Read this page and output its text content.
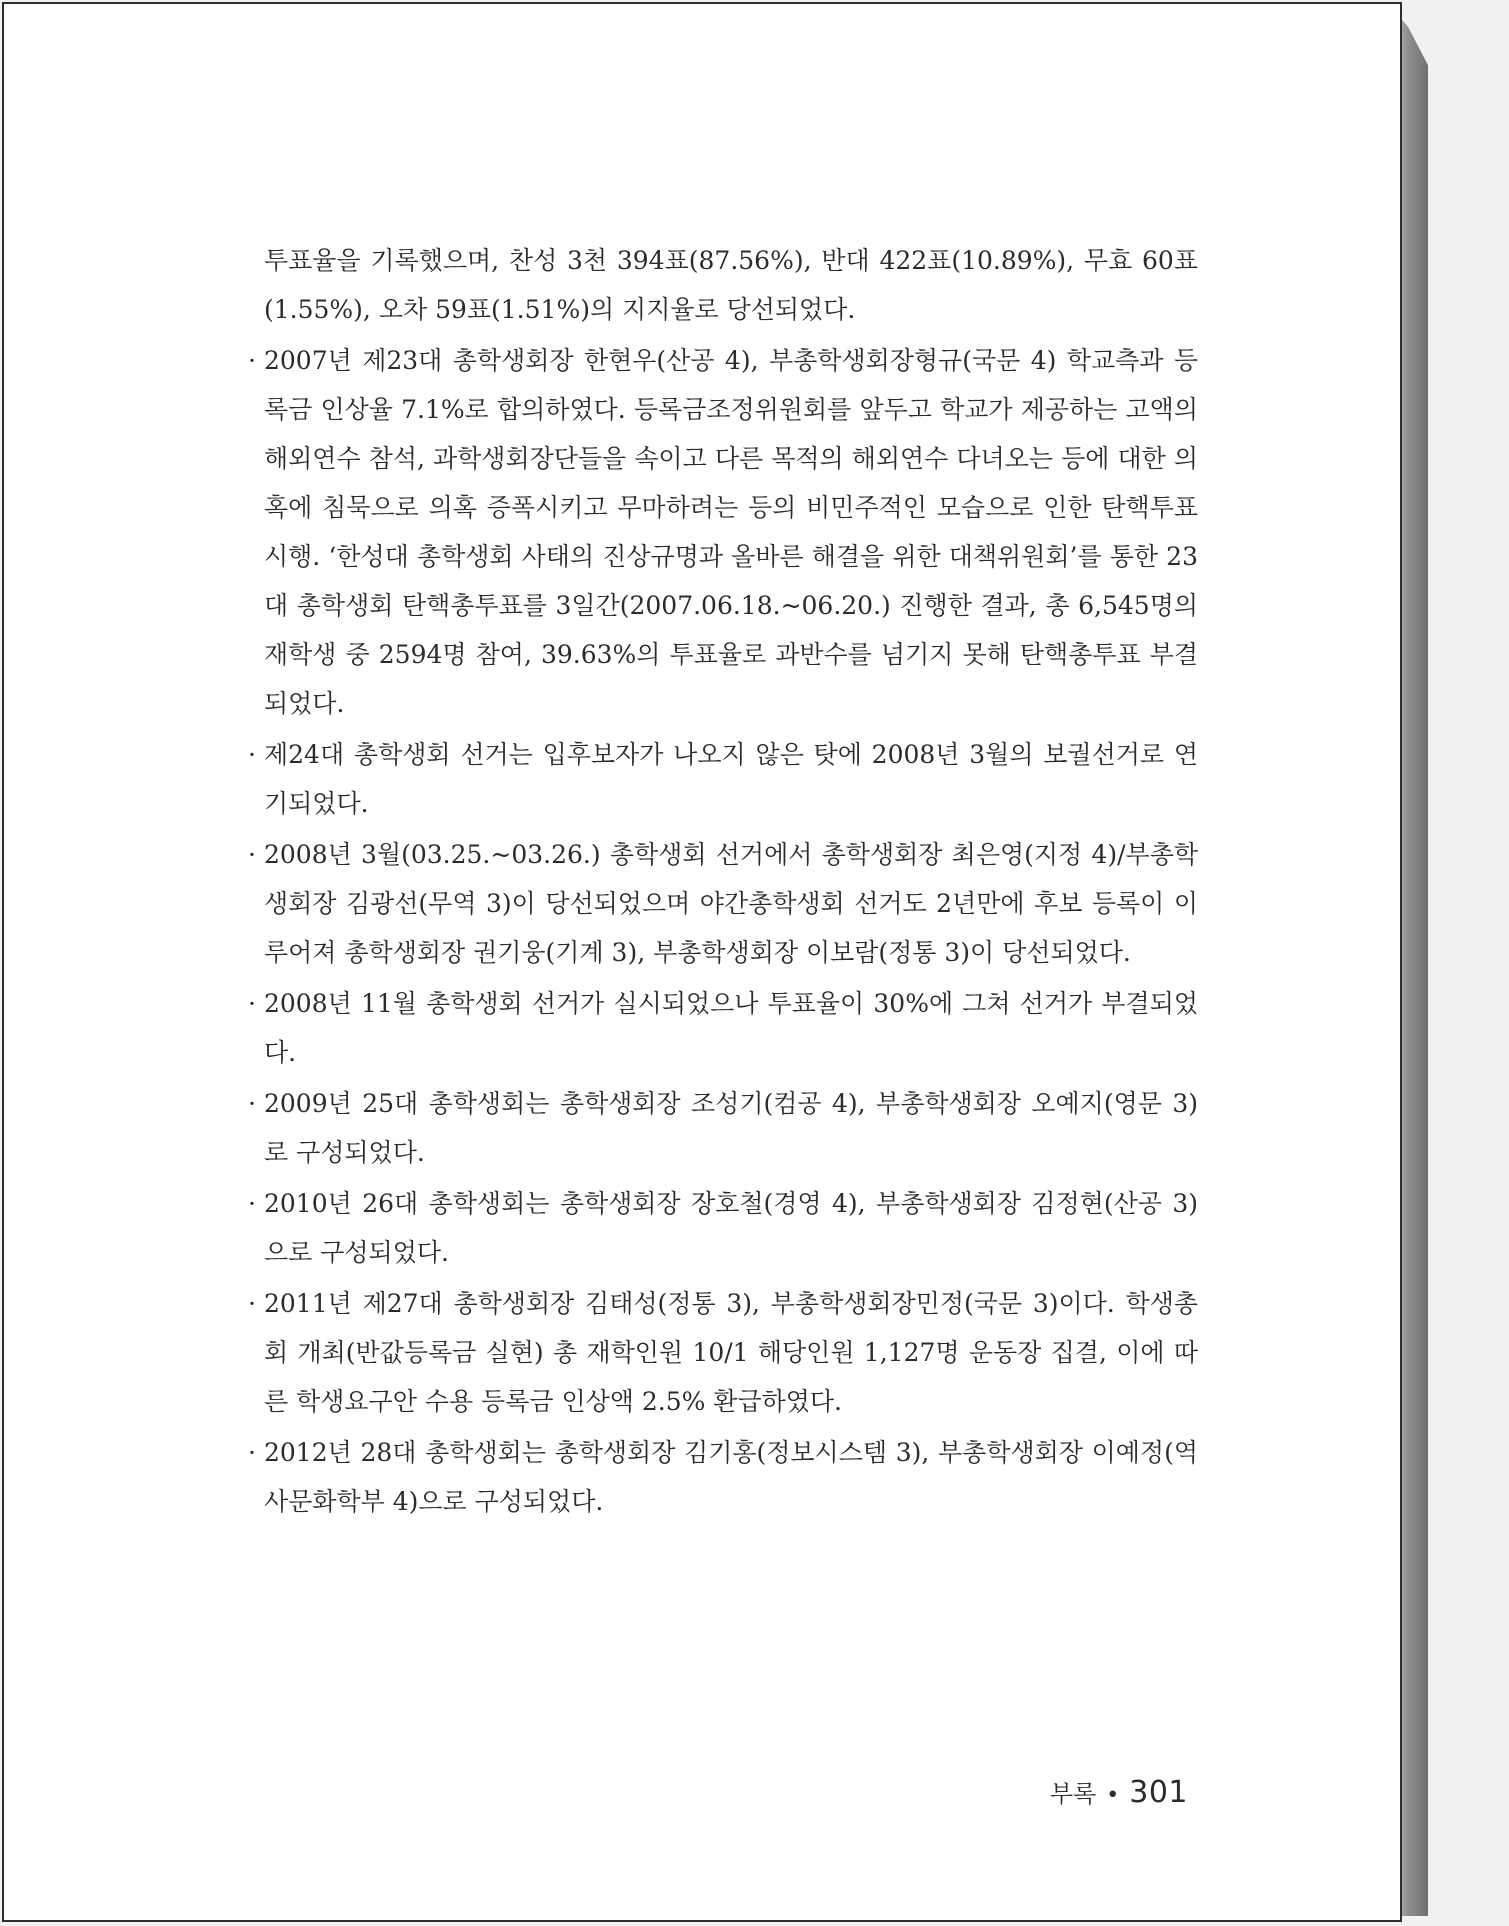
투표율을 기록했으며, 찬성 3천 394표(87.56%), 반대 422표(10.89%), 무효 60표(1.55%), 오차 59표(1.51%)의 지지율로 당선되었다.

· 2007년 제23대 총학생회장 한현우(산공 4), 부총학생회장형규(국문 4) 학교측과 등록금 인상율 7.1%로 합의하였다. 등록금조정위원회를 앞두고 학교가 제공하는 고액의 해외연수 참석, 과학생회장단들을 속이고 다른 목적의 해외연수 다녀오는 등에 대한 의혹에 침묵으로 의혹 증폭시키고 무마하려는 등의 비민주적인 모습으로 인한 탄핵투표 시행. ‘한성대 총학생회 사태의 진상규명과 올바른 해결을 위한 대책위원회’를 통한 23대 총학생회 탄핵총투표를 3일간(2007.06.18.~06.20.) 진행한 결과, 총 6,545명의 재학생 중 2594명 참여, 39.63%의 투표율로 과반수를 넘기지 못해 탄핵총투표 부결되었다.
· 제24대 총학생회 선거는 입후보자가 나오지 않은 탓에 2008년 3월의 보궐선거로 연기되었다.
· 2008년 3월(03.25.~03.26.) 총학생회 선거에서 총학생회장 최은영(지정 4)/부총학생회장 김광선(무역 3)이 당선되었으며 야간총학생회 선거도 2년만에 후보 등록이 이루어져 총학생회장 권기웅(기계 3), 부총학생회장 이보람(정통 3)이 당선되었다.
· 2008년 11월 총학생회 선거가 실시되었으나 투표율이 30%에 그쳐 선거가 부결되었다.
· 2009년 25대 총학생회는 총학생회장 조성기(컴공 4), 부총학생회장 오예지(영문 3)로 구성되었다.
· 2010년 26대 총학생회는 총학생회장 장호철(경영 4), 부총학생회장 김정현(산공 3)으로 구성되었다.
· 2011년 제27대 총학생회장 김태성(정통 3), 부총학생회장민정(국문 3)이다. 학생총회 개최(반값등록금 실현) 총 재학인원 10/1 해당인원 1,127명 운동장 집결, 이에 따른 학생요구안 수용 등록금 인상액 2.5% 환급하였다.
· 2012년 28대 총학생회는 총학생회장 김기홍(정보시스템 3), 부총학생회장 이예정(역사문화학부 4)으로 구성되었다.
부록 • 301
